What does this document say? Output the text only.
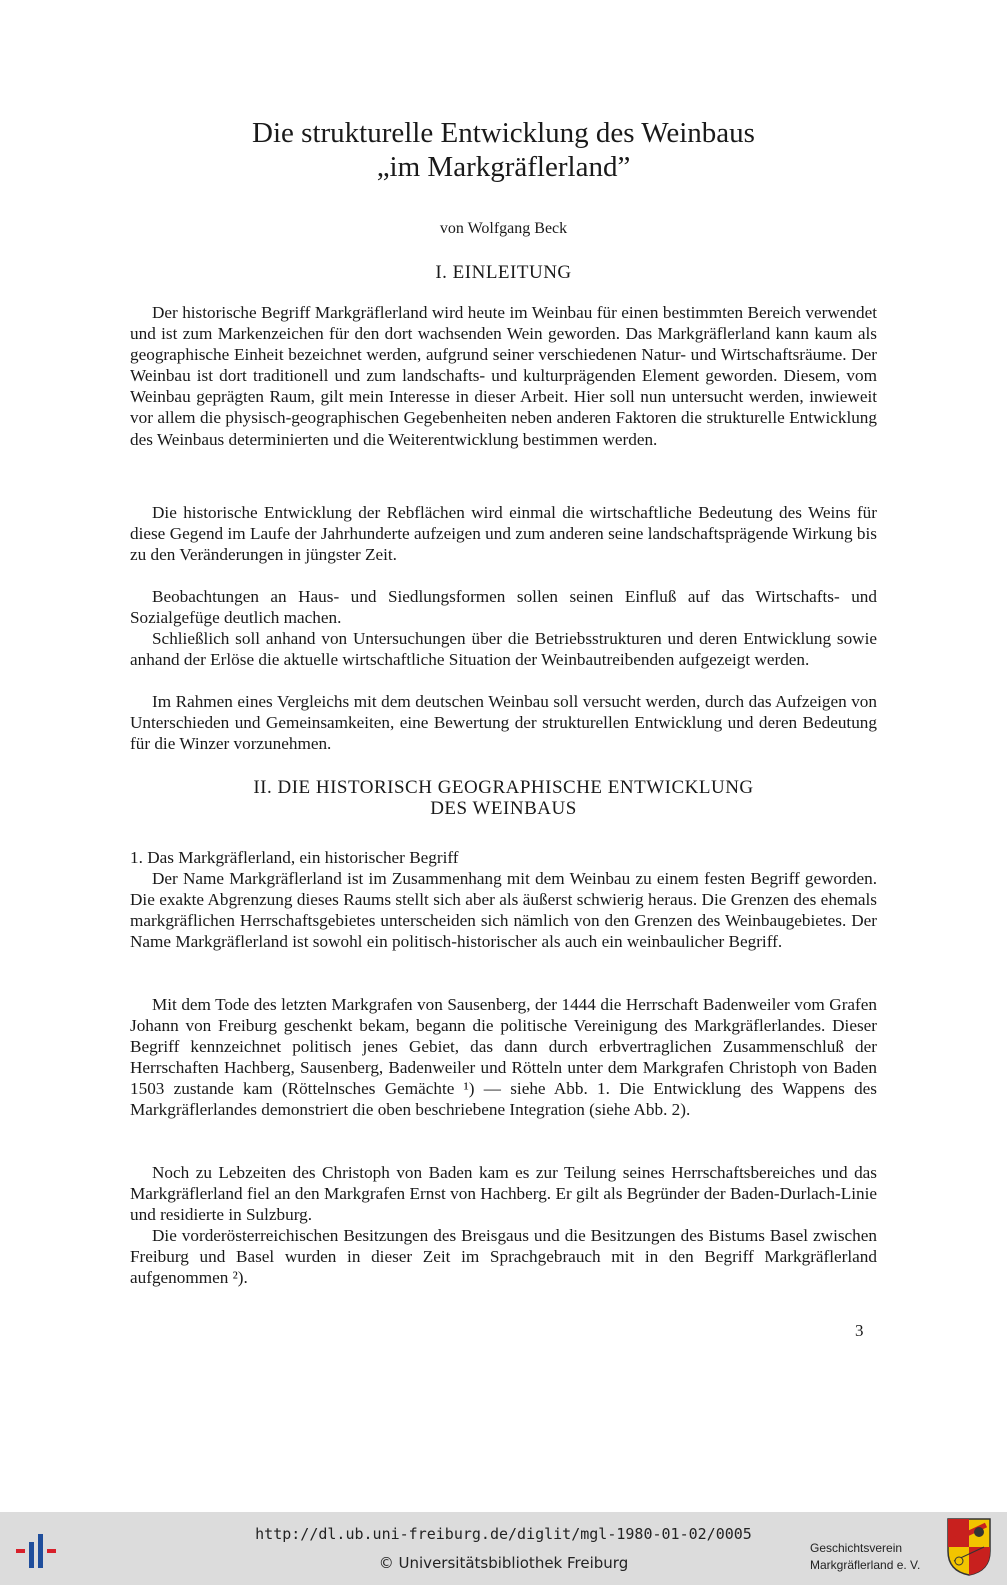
Die strukturelle Entwicklung des Weinbaus
„im Markgräflerland”
von Wolfgang Beck
I. EINLEITUNG

Der historische Begriff Markgräflerland wird heute im Weinbau für einen bestimmten Bereich verwendet und ist zum Markenzeichen für den dort wachsenden Wein geworden. Das Markgräflerland kann kaum als geographische Einheit bezeichnet werden, aufgrund seiner verschiedenen Natur- und Wirtschaftsräume. Der Weinbau ist dort traditionell und zum landschafts- und kulturprägenden Element geworden. Diesem, vom Weinbau geprägten Raum, gilt mein Interesse in dieser Arbeit. Hier soll nun untersucht werden, inwieweit vor allem die physisch-geographischen Gegebenheiten neben anderen Faktoren die strukturelle Entwicklung des Weinbaus determinierten und die Weiterentwicklung bestimmen werden.

Die historische Entwicklung der Rebflächen wird einmal die wirtschaftliche Bedeutung des Weins für diese Gegend im Laufe der Jahrhunderte aufzeigen und zum anderen seine landschaftsprägende Wirkung bis zu den Veränderungen in jüngster Zeit.

Beobachtungen an Haus- und Siedlungsformen sollen seinen Einfluß auf das Wirtschafts- und Sozialgefüge deutlich machen.

Schließlich soll anhand von Untersuchungen über die Betriebsstrukturen und deren Entwicklung sowie anhand der Erlöse die aktuelle wirtschaftliche Situation der Weinbautreibenden aufgezeigt werden.

Im Rahmen eines Vergleichs mit dem deutschen Weinbau soll versucht werden, durch das Aufzeigen von Unterschieden und Gemeinsamkeiten, eine Bewertung der strukturellen Entwicklung und deren Bedeutung für die Winzer vorzunehmen.

II. DIE HISTORISCH GEOGRAPHISCHE ENTWICKLUNG
DES WEINBAUS
1. Das Markgräflerland, ein historischer Begriff

Der Name Markgräflerland ist im Zusammenhang mit dem Weinbau zu einem festen Begriff geworden. Die exakte Abgrenzung dieses Raums stellt sich aber als äußerst schwierig heraus. Die Grenzen des ehemals markgräflichen Herrschaftsgebietes unterscheiden sich nämlich von den Grenzen des Weinbaugebietes. Der Name Markgräflerland ist sowohl ein politisch-historischer als auch ein weinbaulicher Begriff.

Mit dem Tode des letzten Markgrafen von Sausenberg, der 1444 die Herrschaft Badenweiler vom Grafen Johann von Freiburg geschenkt bekam, begann die politische Vereinigung des Markgräflerlandes. Dieser Begriff kennzeichnet politisch jenes Gebiet, das dann durch erbvertraglichen Zusammenschluß der Herrschaften Hachberg, Sausenberg, Badenweiler und Rötteln unter dem Markgrafen Christoph von Baden 1503 zustande kam (Röttelnsches Gemächte ¹) — siehe Abb. 1. Die Entwicklung des Wappens des Markgräflerlandes demonstriert die oben beschriebene Integration (siehe Abb. 2).

Noch zu Lebzeiten des Christoph von Baden kam es zur Teilung seines Herrschaftsbereiches und das Markgräflerland fiel an den Markgrafen Ernst von Hachberg. Er gilt als Begründer der Baden-Durlach-Linie und residierte in Sulzburg.

Die vorderösterreichischen Besitzungen des Breisgaus und die Besitzungen des Bistums Basel zwischen Freiburg und Basel wurden in dieser Zeit im Sprachgebrauch mit in den Begriff Markgräflerland aufgenommen ²).

3
http://dl.ub.uni-freiburg.de/diglit/mgl-1980-01-02/0005
© Universitätsbibliothek Freiburg
Geschichtsverein
Markgräflerland e. V.
